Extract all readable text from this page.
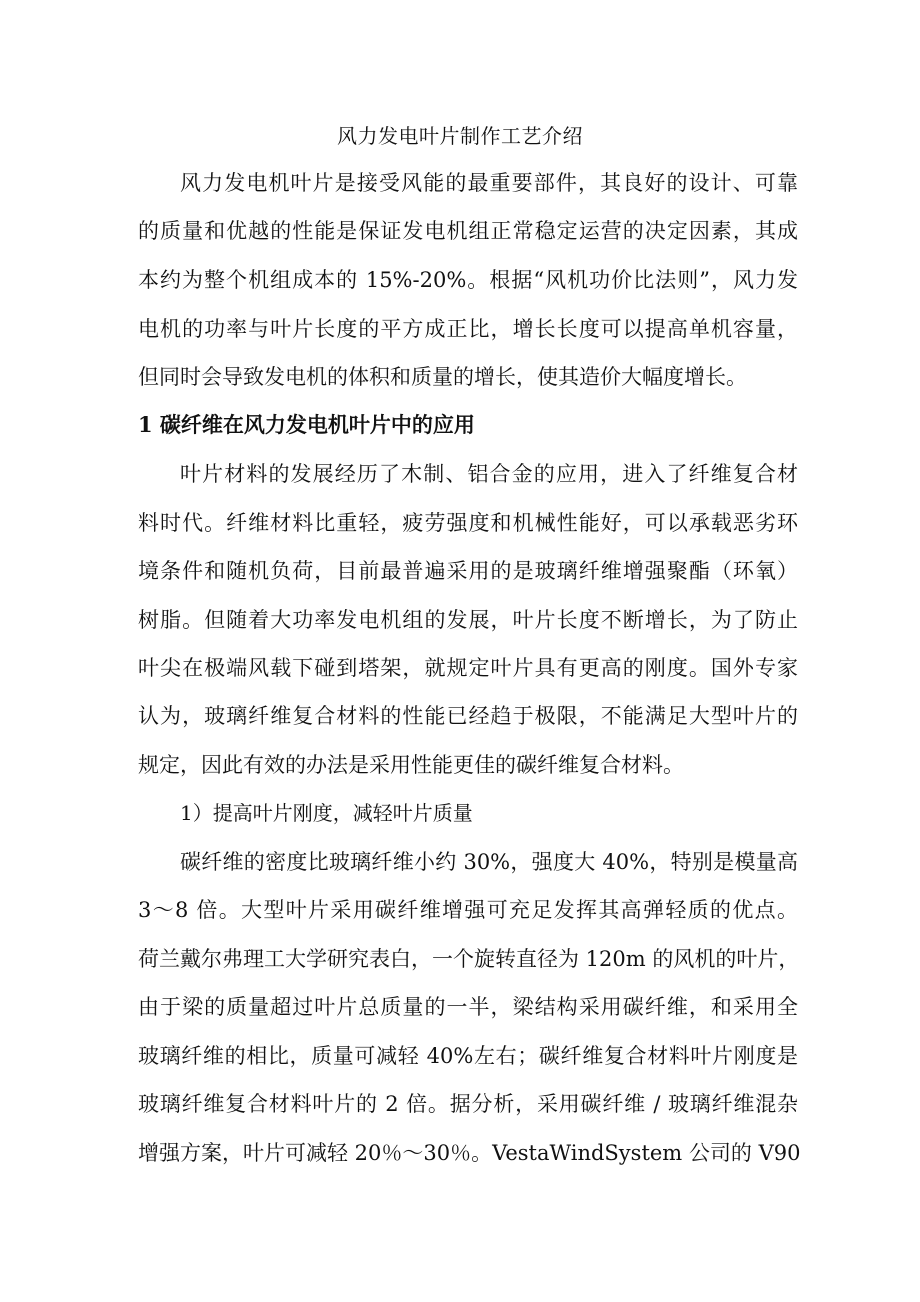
风力发电叶片制作工艺介绍
风力发电机叶片是接受风能的最重要部件，其良好的设计、可靠
的质量和优越的性能是保证发电机组正常稳定运营的决定因素，其成
本约为整个机组成本的 15%-20%。根据“风机功价比法则”，风力发
电机的功率与叶片长度的平方成正比，增长长度可以提高单机容量，
但同时会导致发电机的体积和质量的增长，使其造价大幅度增长。
1 碳纤维在风力发电机叶片中的应用
叶片材料的发展经历了木制、铝合金的应用，进入了纤维复合材
料时代。纤维材料比重轻，疲劳强度和机械性能好，可以承载恶劣环
境条件和随机负荷，目前最普遍采用的是玻璃纤维增强聚酯（环氧）
树脂。但随着大功率发电机组的发展，叶片长度不断增长，为了防止
叶尖在极端风载下碰到塔架，就规定叶片具有更高的刚度。国外专家
认为，玻璃纤维复合材料的性能已经趋于极限，不能满足大型叶片的
规定，因此有效的办法是采用性能更佳的碳纤维复合材料。
1）提高叶片刚度，减轻叶片质量
碳纤维的密度比玻璃纤维小约 30%，强度大 40%，特别是模量高
3～8 倍。大型叶片采用碳纤维增强可充足发挥其高弹轻质的优点。
荷兰戴尔弗理工大学研究表白，一个旋转直径为 120m 的风机的叶片，
由于梁的质量超过叶片总质量的一半，梁结构采用碳纤维，和采用全
玻璃纤维的相比，质量可减轻 40%左右；碳纤维复合材料叶片刚度是
玻璃纤维复合材料叶片的 2 倍。据分析，采用碳纤维 / 玻璃纤维混杂
增强方案，叶片可减轻 20％～30％。VestaWindSystem 公司的 V90
